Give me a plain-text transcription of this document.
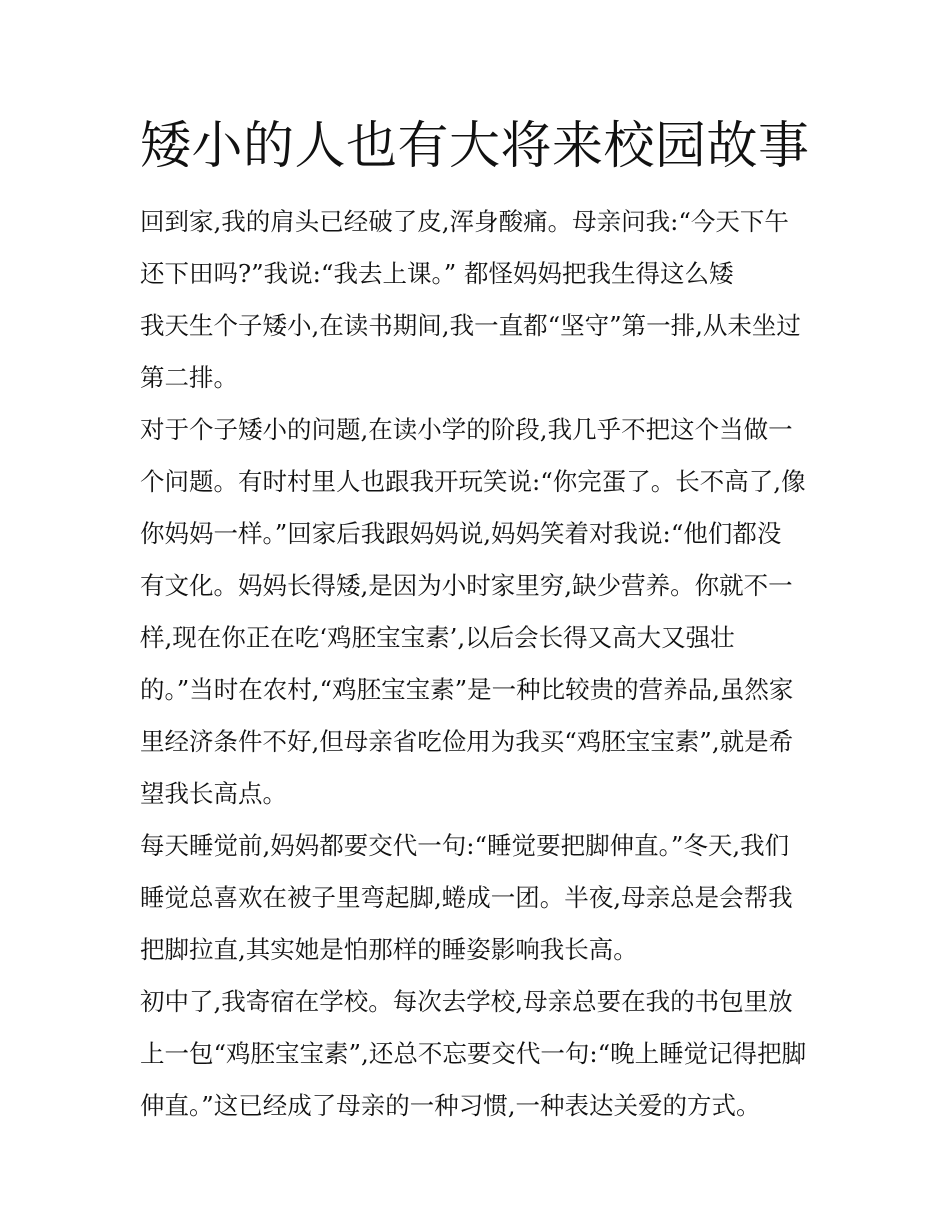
矮小的人也有大将来校园故事
回到家,我的肩头已经破了皮,浑身酸痛。母亲问我:“今天下午
还下田吗?”我说:“我去上课。” 都怪妈妈把我生得这么矮
我天生个子矮小,在读书期间,我一直都“坚守”第一排,从未坐过
第二排。
对于个子矮小的问题,在读小学的阶段,我几乎不把这个当做一
个问题。有时村里人也跟我开玩笑说:“你完蛋了。长不高了,像
你妈妈一样。”回家后我跟妈妈说,妈妈笑着对我说:“他们都没
有文化。妈妈长得矮,是因为小时家里穷,缺少营养。你就不一
样,现在你正在吃‘鸡胚宝宝素’,以后会长得又高大又强壮
的。”当时在农村,“鸡胚宝宝素”是一种比较贵的营养品,虽然家
里经济条件不好,但母亲省吃俭用为我买“鸡胚宝宝素”,就是希
望我长高点。
每天睡觉前,妈妈都要交代一句:“睡觉要把脚伸直。”冬天,我们
睡觉总喜欢在被子里弯起脚,蜷成一团。半夜,母亲总是会帮我
把脚拉直,其实她是怕那样的睡姿影响我长高。
初中了,我寄宿在学校。每次去学校,母亲总要在我的书包里放
上一包“鸡胚宝宝素”,还总不忘要交代一句:“晚上睡觉记得把脚
伸直。”这已经成了母亲的一种习惯,一种表达关爱的方式。
